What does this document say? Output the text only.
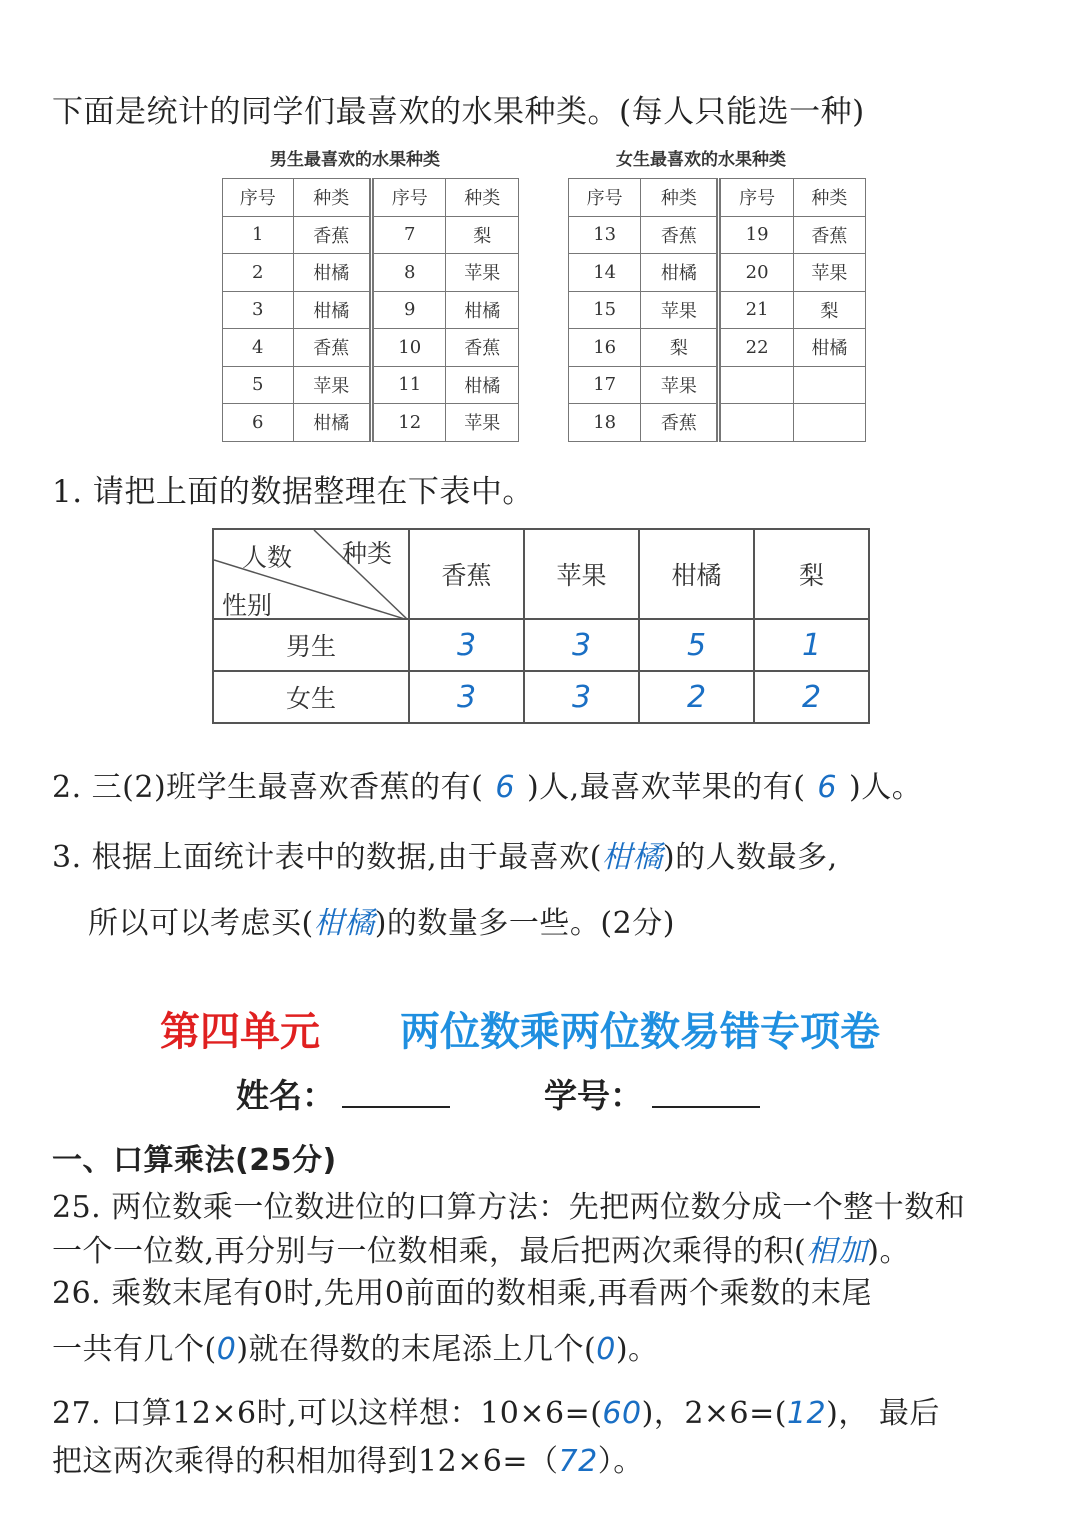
下面是统计的同学们最喜欢的水果种类。(每人只能选一种)
男生最喜欢的水果种类
序号	种类	序号	种类
1	香蕉	7	梨
2	柑橘	8	苹果
3	柑橘	9	柑橘
4	香蕉	10	香蕉
5	苹果	11	柑橘
6	柑橘	12	苹果
女生最喜欢的水果种类
序号	种类	序号	种类
13	香蕉	19	香蕉
14	柑橘	20	苹果
15	苹果	21	梨
16	梨	22	柑橘
17	苹果		
18	香蕉		
1. 请把上面的数据整理在下表中。
人数 种类
性别	香蕉	苹果	柑橘	梨
男生	3	3	5	1
女生	3	3	2	2
2. 三(2)班学生最喜欢香蕉的有( 6 )人,最喜欢苹果的有( 6 )人。
3. 根据上面统计表中的数据,由于最喜欢(柑橘)的人数最多,
所以可以考虑买(柑橘)的数量多一些。(2分)
第四单元 两位数乘两位数易错专项卷
姓名：	学号：
一、口算乘法(25分)
25. 两位数乘一位数进位的口算方法：先把两位数分成一个整十数和
一个一位数,再分别与一位数相乘，最后把两次乘得的积(相加)。
26. 乘数末尾有0时,先用0前面的数相乘,再看两个乘数的末尾
一共有几个(0)就在得数的末尾添上几个(0)。
27. 口算12×6时,可以这样想：10×6=(60)，2×6=(12)， 最后
把这两次乘得的积相加得到12×6=（72）。
